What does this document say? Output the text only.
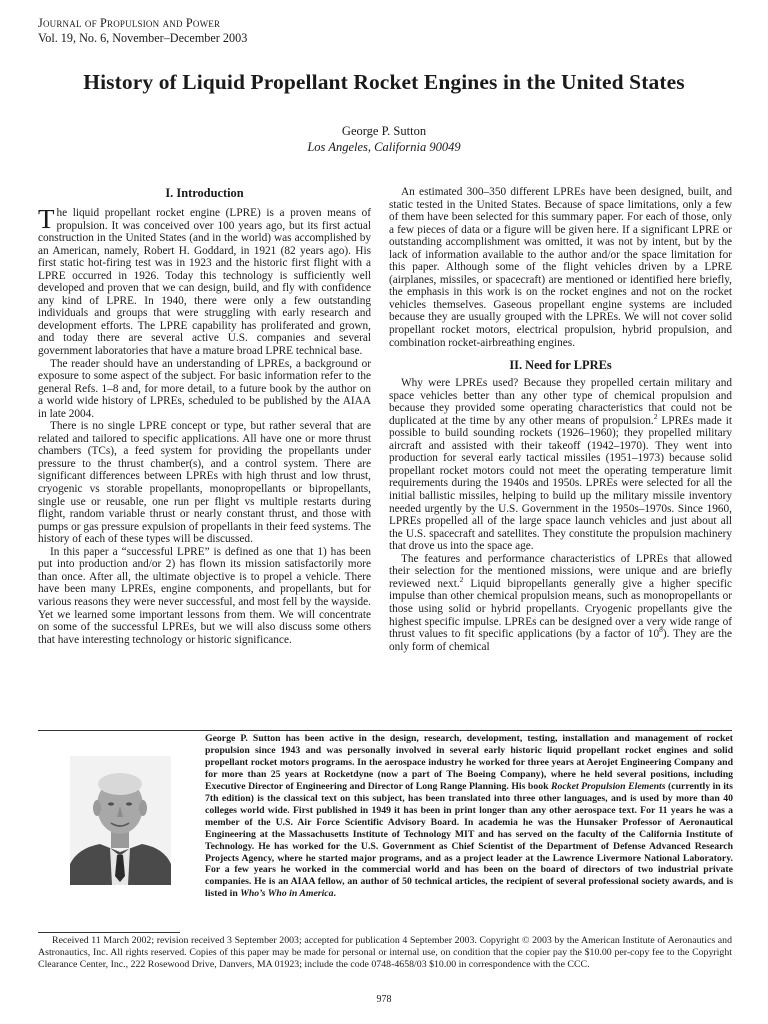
Journal of Propulsion and Power
Vol. 19, No. 6, November–December 2003
History of Liquid Propellant Rocket Engines in the United States
George P. Sutton
Los Angeles, California 90049
I. Introduction

The liquid propellant rocket engine (LPRE) is a proven means of propulsion. It was conceived over 100 years ago, but its first actual construction in the United States (and in the world) was accomplished by an American, namely, Robert H. Goddard, in 1921 (82 years ago). His first static hot-firing test was in 1923 and the historic first flight with a LPRE occurred in 1926. Today this technology is sufficiently well developed and proven that we can design, build, and fly with confidence any kind of LPRE. In 1940, there were only a few outstanding individuals and groups that were struggling with early research and development efforts. The LPRE capability has proliferated and grown, and today there are several active U.S. companies and several government laboratories that have a mature broad LPRE technical base.

The reader should have an understanding of LPREs, a background or exposure to some aspect of the subject. For basic information refer to the general Refs. 1–8 and, for more detail, to a future book by the author on a world wide history of LPREs, scheduled to be published by the AIAA in late 2004.

There is no single LPRE concept or type, but rather several that are related and tailored to specific applications. All have one or more thrust chambers (TCs), a feed system for providing the propellants under pressure to the thrust chamber(s), and a control system. There are significant differences between LPREs with high thrust and low thrust, cryogenic vs storable propellants, monopropellants or bipropellants, single use or reusable, one run per flight vs multiple restarts during flight, random variable thrust or nearly constant thrust, and those with pumps or gas pressure expulsion of propellants in their feed systems. The history of each of these types will be discussed.

In this paper a “successful LPRE” is defined as one that 1) has been put into production and/or 2) has flown its mission satisfactorily more than once. After all, the ultimate objective is to propel a vehicle. There have been many LPREs, engine components, and propellants, but for various reasons they were never successful, and most fell by the wayside. Yet we learned some important lessons from them. We will concentrate on some of the successful LPREs, but we will also discuss some others that have interesting technology or historic significance.

An estimated 300–350 different LPREs have been designed, built, and static tested in the United States. Because of space limitations, only a few of them have been selected for this summary paper. For each of those, only a few pieces of data or a figure will be given here. If a significant LPRE or outstanding accomplishment was omitted, it was not by intent, but by the lack of information available to the author and/or the space limitation for this paper. Although some of the flight vehicles driven by a LPRE (airplanes, missiles, or spacecraft) are mentioned or identified here briefly, the emphasis in this work is on the rocket engines and not on the rocket vehicles themselves. Gaseous propellant engine systems are included because they are usually grouped with the LPREs. We will not cover solid propellant rocket motors, electrical propulsion, hybrid propulsion, and combination rocket-airbreathing engines.

II. Need for LPREs

Why were LPREs used? Because they propelled certain military and space vehicles better than any other type of chemical propulsion and because they provided some operating characteristics that could not be duplicated at the time by any other means of propulsion.$^2$ LPREs made it possible to build sounding rockets (1926–1960); they propelled military aircraft and assisted with their takeoff (1942–1970). They went into production for several early tactical missiles (1951–1973) because solid propellant rocket motors could not meet the operating temperature limit requirements during the 1940s and 1950s. LPREs were selected for all the initial ballistic missiles, helping to build up the military missile inventory needed urgently by the U.S. Government in the 1950s–1970s. Since 1960, LPREs propelled all of the large space launch vehicles and just about all the U.S. spacecraft and satellites. They constitute the propulsion machinery that drove us into the space age.

The features and performance characteristics of LPREs that allowed their selection for the mentioned missions, were unique and are briefly reviewed next.$^2$ Liquid bipropellants generally give a higher specific impulse than other chemical propulsion means, such as monopropellants or those using solid or hybrid propellants. Cryogenic propellants give the highest specific impulse. LPREs can be designed over a very wide range of thrust values to fit specific applications (by a factor of $10^8$). They are the only form of chemical

George P. Sutton has been active in the design, research, development, testing, installation and management of rocket propulsion since 1943 and was personally involved in several early historic liquid propellant rocket engines and solid propellant rocket motors programs. In the aerospace industry he worked for three years at Aerojet Engineering Company and for more than 25 years at Rocketdyne (now a part of The Boeing Company), where he held several positions, including Executive Director of Engineering and Director of Long Range Planning. His book Rocket Propulsion Elements (currently in its 7th edition) is the classical text on this subject, has been translated into three other languages, and is used by more than 40 colleges world wide. First published in 1949 it has been in print longer than any other aerospace text. For 11 years he was a member of the U.S. Air Force Scientific Advisory Board. In academia he was the Hunsaker Professor of Aeronautical Engineering at the Massachusetts Institute of Technology MIT and has served on the faculty of the California Institute of Technology. He has worked for the U.S. Government as Chief Scientist of the Department of Defense Advanced Research Projects Agency, where he started major programs, and as a project leader at the Lawrence Livermore National Laboratory. For a few years he worked in the commercial world and has been on the board of directors of two industrial private companies. He is an AIAA fellow, an author of 50 technical articles, the recipient of several professional society awards, and is listed in Who’s Who in America.

Received 11 March 2002; revision received 3 September 2003; accepted for publication 4 September 2003. Copyright © 2003 by the American Institute of Aeronautics and Astronautics, Inc. All rights reserved. Copies of this paper may be made for personal or internal use, on condition that the copier pay the $10.00 per-copy fee to the Copyright Clearance Center, Inc., 222 Rosewood Drive, Danvers, MA 01923; include the code 0748-4658/03 $10.00 in correspondence with the CCC.

978
